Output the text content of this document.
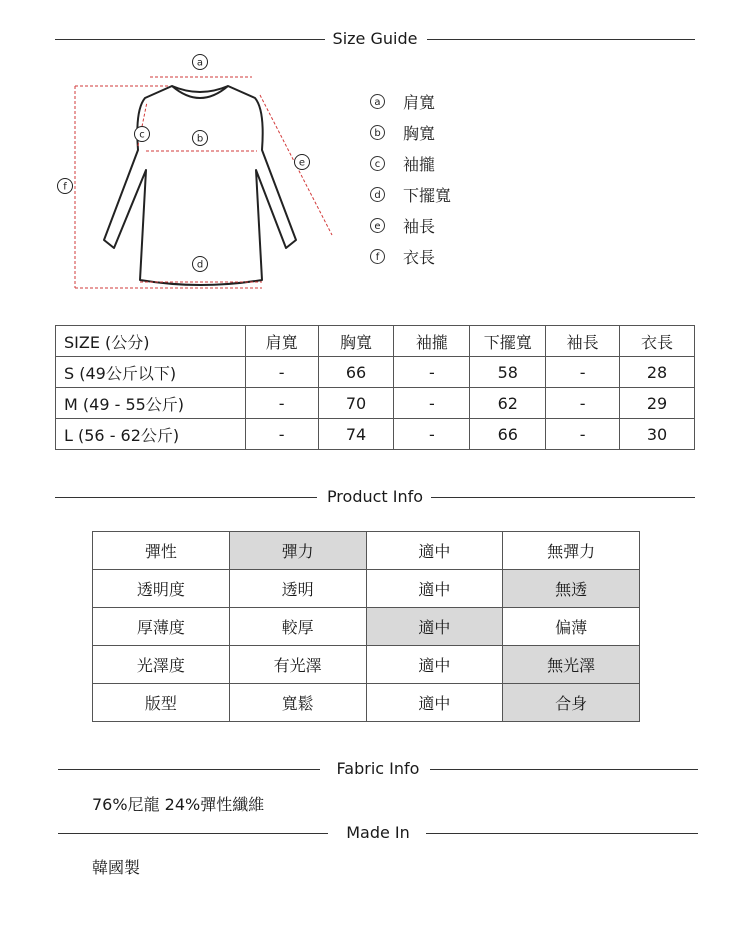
Size Guide
a
b
c
d
e
f
a 肩寬
b 胸寬
c 袖攏
d 下擺寬
e 袖長
f	衣長
SIZE (公分)	肩寬	胸寬	袖攏	下擺寬	袖長	衣長
S (49公斤以下)	-	66	-	58	-	28
M (49 - 55公斤)	-	70	-	62	-	29
L (56 - 62公斤)	-	74	-	66	-	30
Product Info
彈性	彈力	適中	無彈力
透明度	透明	適中	無透
厚薄度	較厚	適中	偏薄
光澤度	有光澤	適中	無光澤
版型	寬鬆	適中	合身
Fabric Info
76%尼龍 24%彈性纖維
Made In
韓國製
